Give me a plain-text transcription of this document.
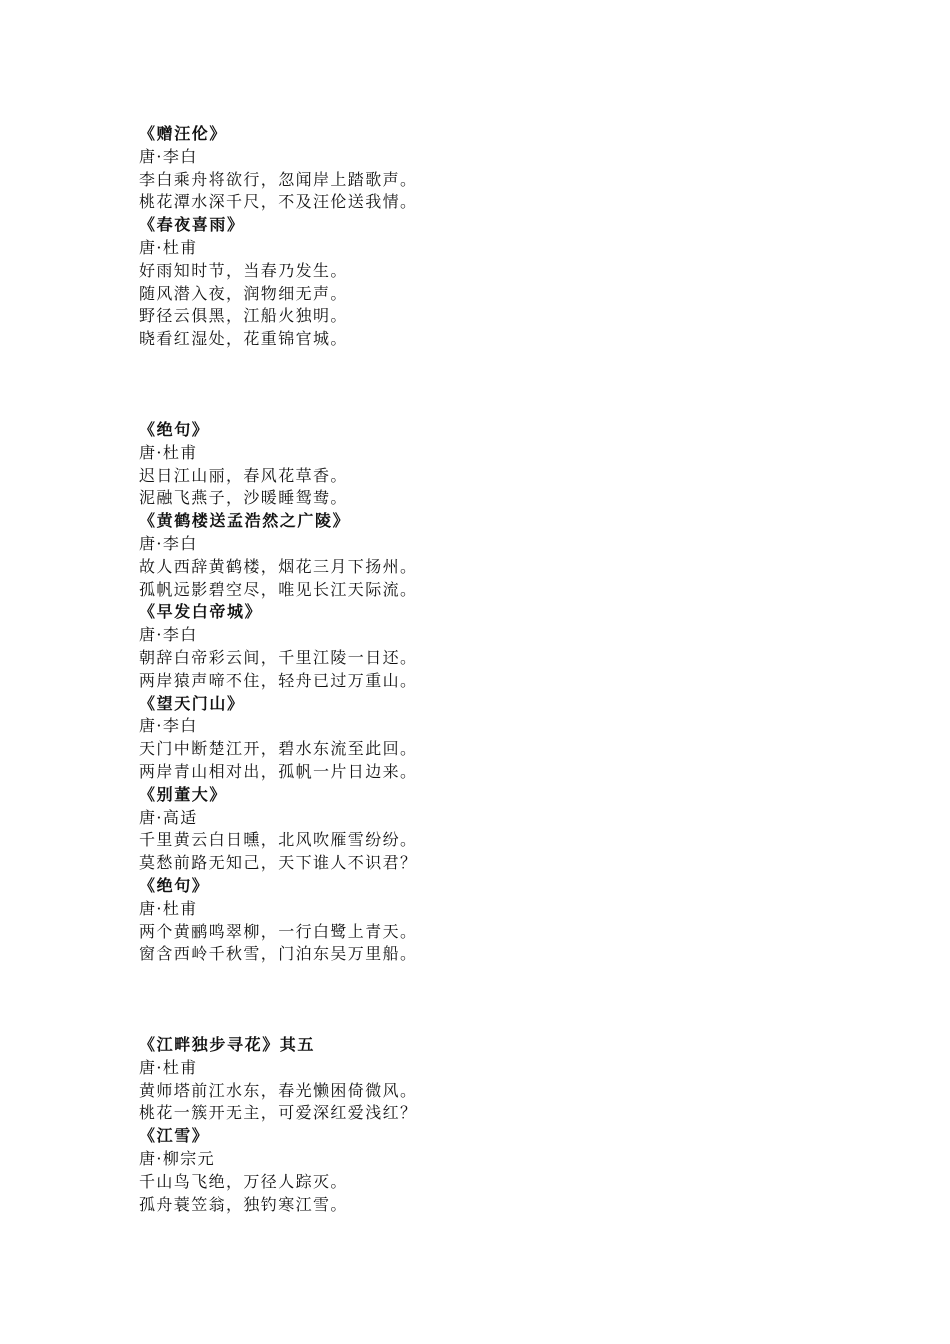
《赠汪伦》
唐·李白
李白乘舟将欲行，忽闻岸上踏歌声。
桃花潭水深千尺，不及汪伦送我情。
《春夜喜雨》
唐·杜甫
好雨知时节，当春乃发生。
随风潜入夜，润物细无声。
野径云俱黑，江船火独明。
晓看红湿处，花重锦官城。
《绝句》
唐·杜甫
迟日江山丽，春风花草香。
泥融飞燕子，沙暖睡鸳鸯。
《黄鹤楼送孟浩然之广陵》
唐·李白
故人西辞黄鹤楼，烟花三月下扬州。
孤帆远影碧空尽，唯见长江天际流。
《早发白帝城》
唐·李白
朝辞白帝彩云间，千里江陵一日还。
两岸猿声啼不住，轻舟已过万重山。
《望天门山》
唐·李白
天门中断楚江开，碧水东流至此回。
两岸青山相对出，孤帆一片日边来。
《别董大》
唐·高适
千里黄云白日曛，北风吹雁雪纷纷。
莫愁前路无知己，天下谁人不识君？
《绝句》
唐·杜甫
两个黄鹂鸣翠柳，一行白鹭上青天。
窗含西岭千秋雪，门泊东吴万里船。
《江畔独步寻花》其五
唐·杜甫
黄师塔前江水东，春光懒困倚微风。
桃花一簇开无主，可爱深红爱浅红？
《江雪》
唐·柳宗元
千山鸟飞绝，万径人踪灭。
孤舟蓑笠翁，独钓寒江雪。
